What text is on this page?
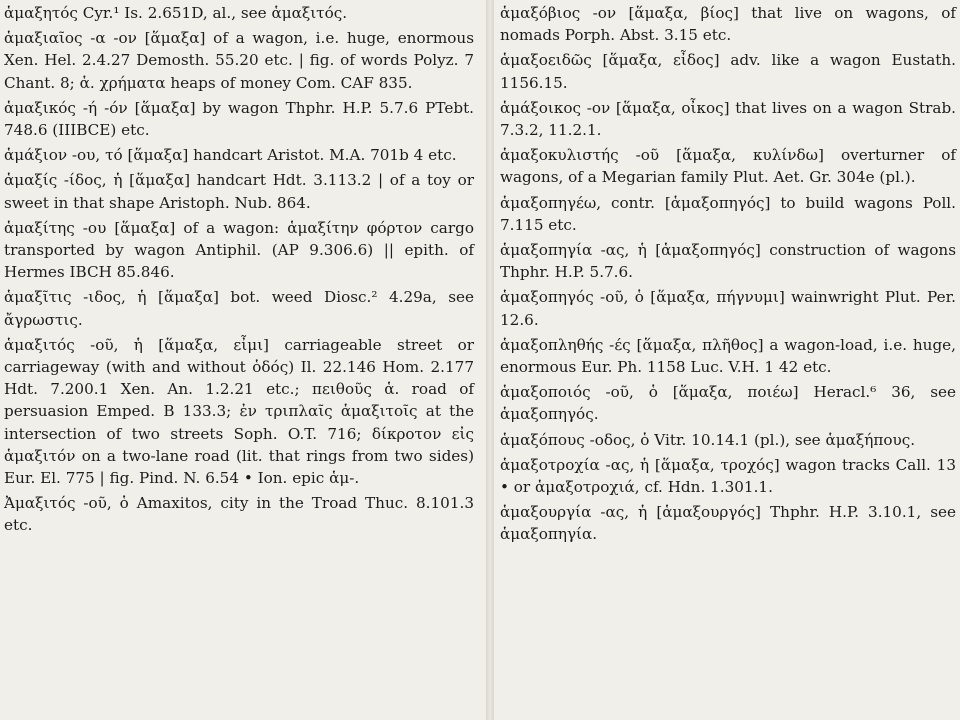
ἁμαξητός Cyr.¹ Is. 2.651D, al., see ἁμαξιτός.

ἁμαξιαῖος -α -ον [ἅμαξα] of a wagon, i.e. huge, enormous Xen. Hel. 2.4.27 Demosth. 55.20 etc. | fig. of words Polyz. 7 Chant. 8; ἁ. χρήματα heaps of money Com. CAF 835.

ἁμαξικός -ή -όν [ἅμαξα] by wagon Thphr. H.P. 5.7.6 PTebt. 748.6 (IIIBCE) etc.

ἁμάξιον -ου, τό [ἅμαξα] handcart Aristot. M.A. 701b 4 etc.

ἁμαξίς -ίδος, ἡ [ἅμαξα] handcart Hdt. 3.113.2 | of a toy or sweet in that shape Aristoph. Nub. 864.

ἁμαξίτης -ου [ἅμαξα] of a wagon: ἁμαξίτην φόρτον cargo transported by wagon Antiphil. (AP 9.306.6) || epith. of Hermes IBCH 85.846.

ἁμαξῖτις -ιδος, ἡ [ἅμαξα] bot. weed Diosc.² 4.29a, see ἄγρωστις.

ἁμαξιτός -οῦ, ἡ [ἅμαξα, εἶμι] carriageable street or carriageway (with and without ὁδός) Il. 22.146 Hom. 2.177 Hdt. 7.200.1 Xen. An. 1.2.21 etc.; πειθοῦς ἁ. road of persuasion Emped. B 133.3; ἐν τριπλαῖς ἁμαξιτοῖς at the intersection of two streets Soph. O.T. 716; δίκροτον εἰς ἁμαξιτόν on a two-lane road (lit. that rings from two sides) Eur. El. 775 | fig. Pind. N. 6.54 • Ion. epic ἁμ-.

Ἀμαξιτός -οῦ, ὁ Amaxitos, city in the Troad Thuc. 8.101.3 etc.

ἁμαξόβιος -ον [ἅμαξα, βίος] that live on wagons, of nomads Porph. Abst. 3.15 etc.

ἁμαξοειδῶς [ἅμαξα, εἶδος] adv. like a wagon Eustath. 1156.15.

ἁμάξοικος -ον [ἅμαξα, οἶκος] that lives on a wagon Strab. 7.3.2, 11.2.1.

ἁμαξοκυλιστής -οῦ [ἅμαξα, κυλίνδω] overturner of wagons, of a Megarian family Plut. Aet. Gr. 304e (pl.).

ἁμαξοπηγέω, contr. [ἁμαξοπηγός] to build wagons Poll. 7.115 etc.

ἁμαξοπηγία -ας, ἡ [ἁμαξοπηγός] construction of wagons Thphr. H.P. 5.7.6.

ἁμαξοπηγός -οῦ, ὁ [ἅμαξα, πήγνυμι] wainwright Plut. Per. 12.6.

ἁμαξοπληθής -ές [ἅμαξα, πλῆθος] a wagon-load, i.e. huge, enormous Eur. Ph. 1158 Luc. V.H. 1 42 etc.

ἁμαξοποιός -οῦ, ὁ [ἅμαξα, ποιέω] Heracl.⁶ 36, see ἁμαξοπηγός.

ἁμαξόπους -οδος, ὁ Vitr. 10.14.1 (pl.), see ἁμαξήπους.

ἁμαξοτροχία -ας, ἡ [ἅμαξα, τροχός] wagon tracks Call. 13 • or ἁμαξοτροχιά, cf. Hdn. 1.301.1.

ἁμαξουργία -ας, ἡ [ἁμαξουργός] Thphr. H.P. 3.10.1, see ἁμαξοπηγία.
